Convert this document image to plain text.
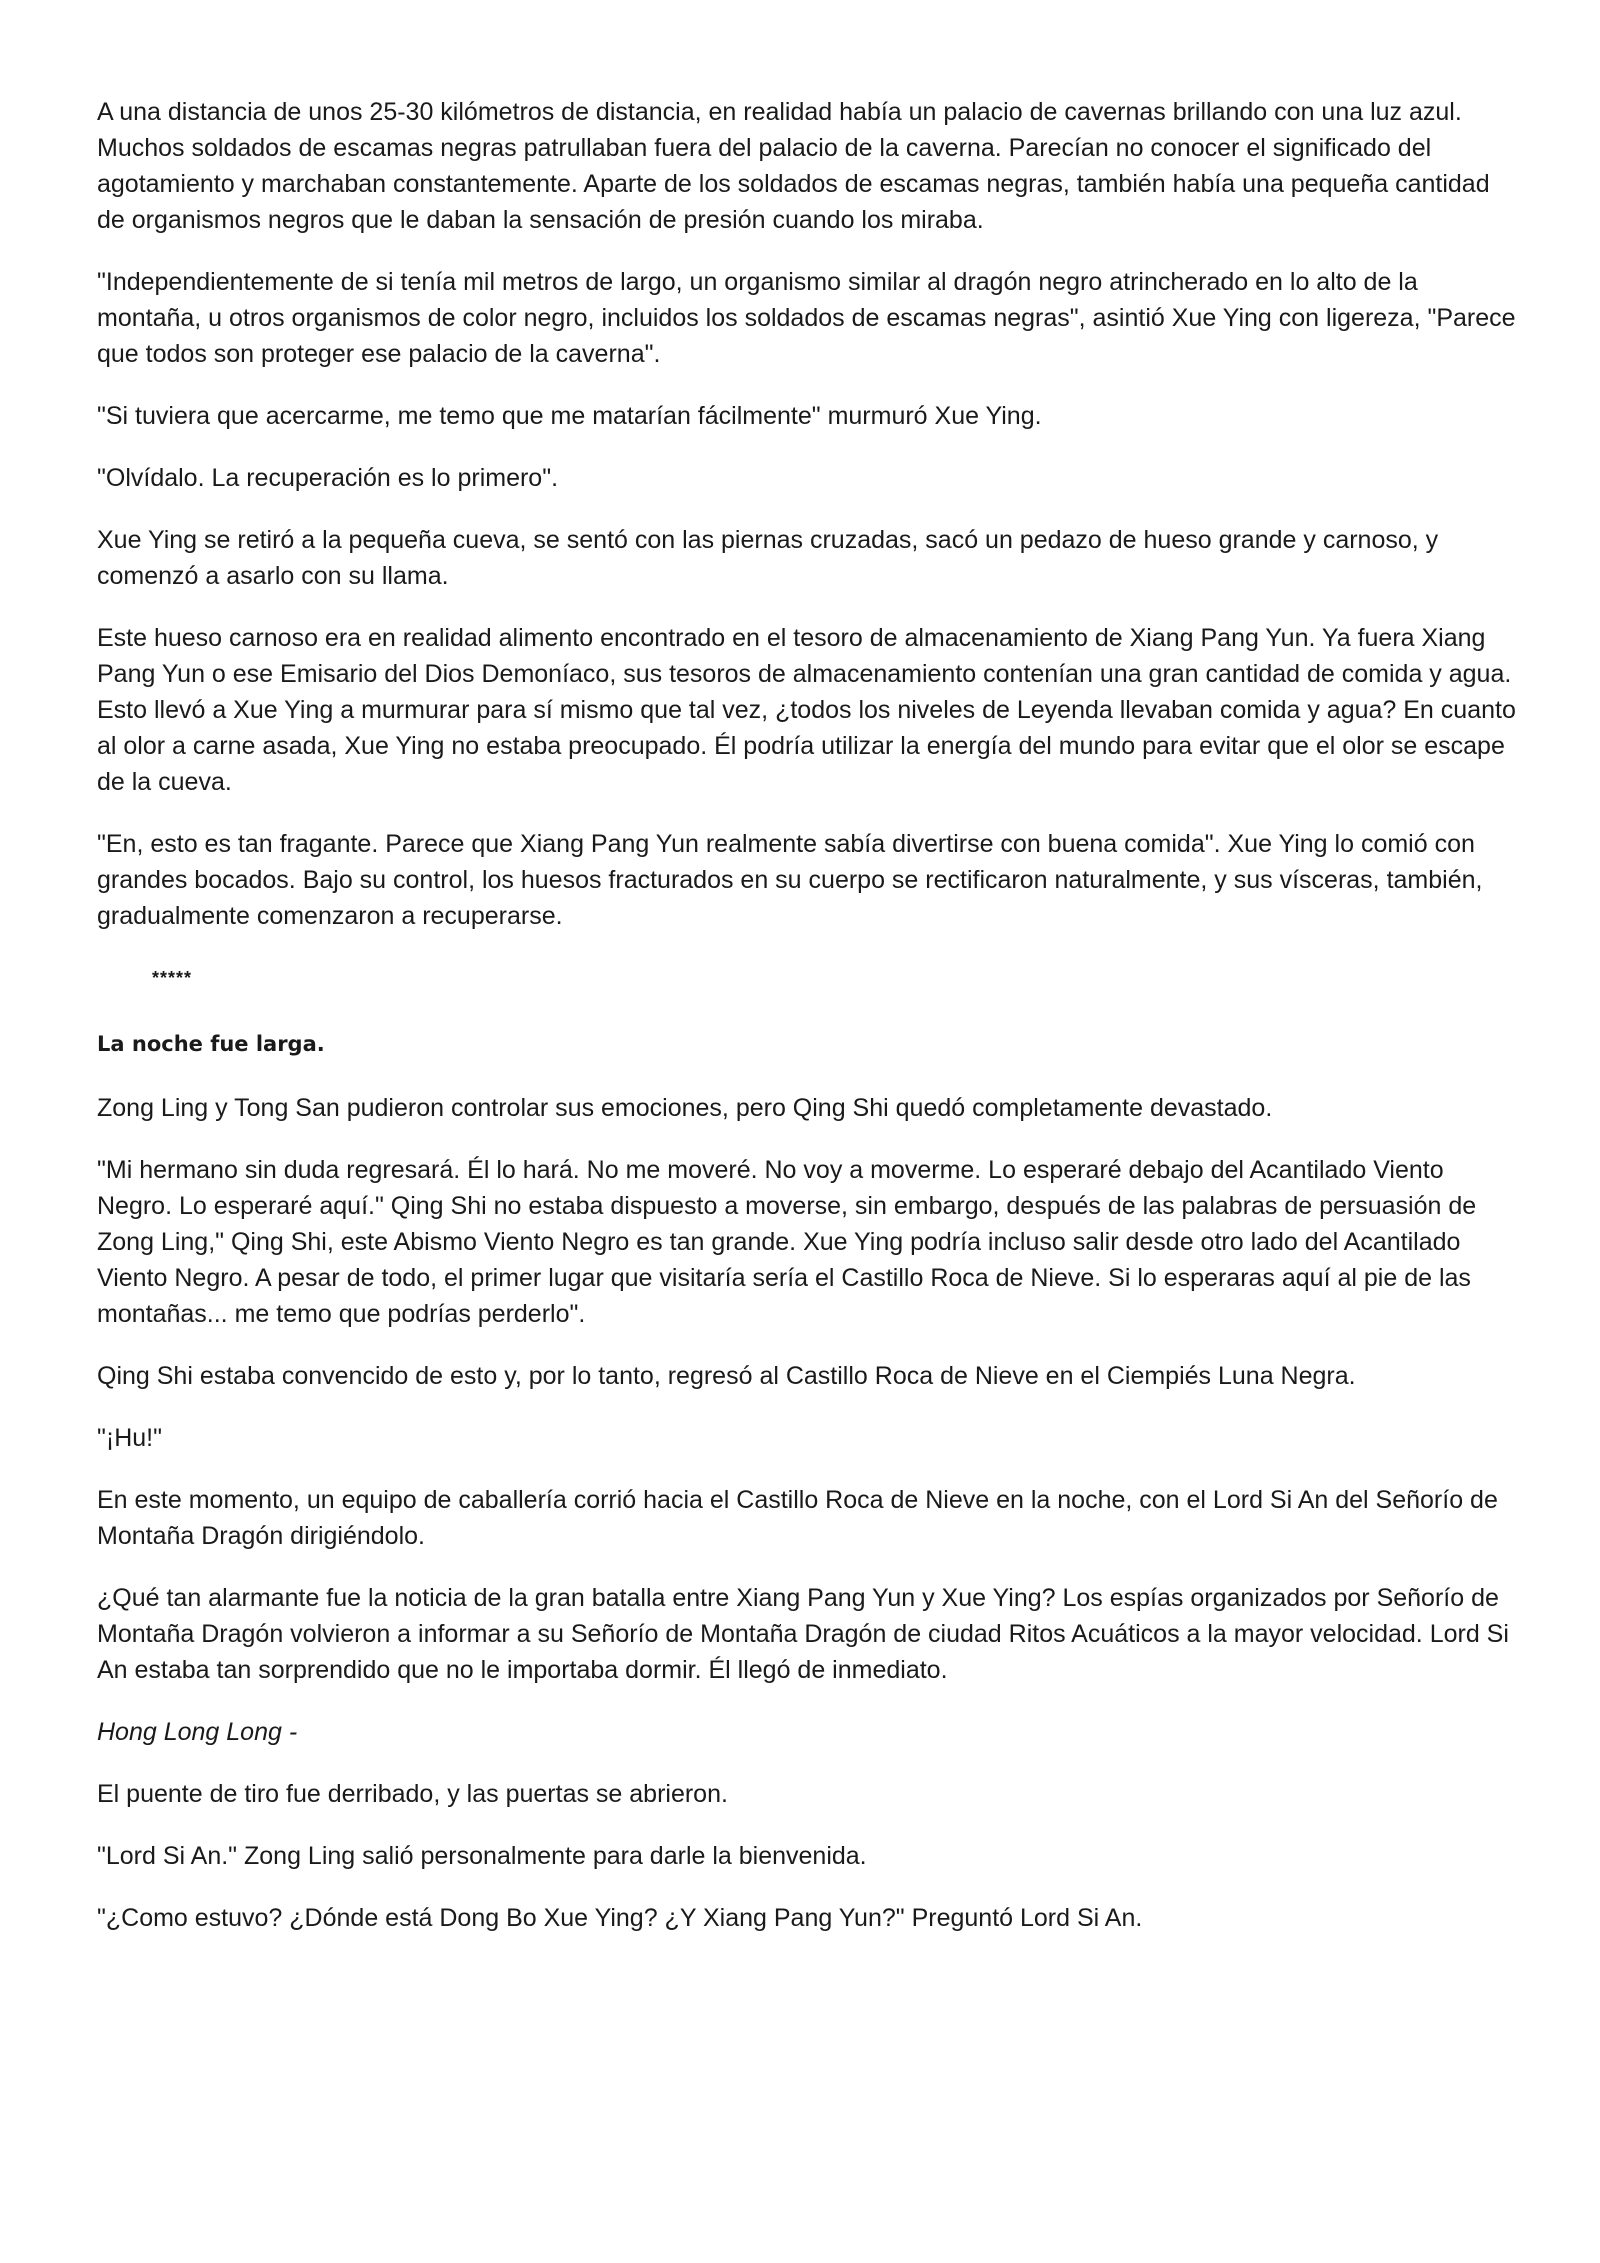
A una distancia de unos 25-30 kilómetros de distancia, en realidad había un palacio de cavernas brillando con una luz azul. Muchos soldados de escamas negras patrullaban fuera del palacio de la caverna. Parecían no conocer el significado del agotamiento y marchaban constantemente. Aparte de los soldados de escamas negras, también había una pequeña cantidad de organismos negros que le daban la sensación de presión cuando los miraba.

"Independientemente de si tenía mil metros de largo, un organismo similar al dragón negro atrincherado en lo alto de la montaña, u otros organismos de color negro, incluidos los soldados de escamas negras", asintió Xue Ying con ligereza, "Parece que todos son proteger ese palacio de la caverna".

"Si tuviera que acercarme, me temo que me matarían fácilmente" murmuró Xue Ying.

"Olvídalo. La recuperación es lo primero".

Xue Ying se retiró a la pequeña cueva, se sentó con las piernas cruzadas, sacó un pedazo de hueso grande y carnoso, y comenzó a asarlo con su llama.

Este hueso carnoso era en realidad alimento encontrado en el tesoro de almacenamiento de Xiang Pang Yun. Ya fuera Xiang Pang Yun o ese Emisario del Dios Demoníaco, sus tesoros de almacenamiento contenían una gran cantidad de comida y agua. Esto llevó a Xue Ying a murmurar para sí mismo que tal vez, ¿todos los niveles de Leyenda llevaban comida y agua? En cuanto al olor a carne asada, Xue Ying no estaba preocupado. Él podría utilizar la energía del mundo para evitar que el olor se escape de la cueva.

"En, esto es tan fragante. Parece que Xiang Pang Yun realmente sabía divertirse con buena comida". Xue Ying lo comió con grandes bocados. Bajo su control, los huesos fracturados en su cuerpo se rectificaron naturalmente, y sus vísceras, también, gradualmente comenzaron a recuperarse.

*****

La noche fue larga.

Zong Ling y Tong San pudieron controlar sus emociones, pero Qing Shi quedó completamente devastado.

"Mi hermano sin duda regresará. Él lo hará. No me moveré. No voy a moverme. Lo esperaré debajo del Acantilado Viento Negro. Lo esperaré aquí." Qing Shi no estaba dispuesto a moverse, sin embargo, después de las palabras de persuasión de Zong Ling," Qing Shi, este Abismo Viento Negro es tan grande. Xue Ying podría incluso salir desde otro lado del Acantilado Viento Negro. A pesar de todo, el primer lugar que visitaría sería el Castillo Roca de Nieve. Si lo esperaras aquí al pie de las montañas... me temo que podrías perderlo".

Qing Shi estaba convencido de esto y, por lo tanto, regresó al Castillo Roca de Nieve en el Ciempiés Luna Negra.

"¡Hu!"

En este momento, un equipo de caballería corrió hacia el Castillo Roca de Nieve en la noche, con el Lord Si An del Señorío de Montaña Dragón dirigiéndolo.

¿Qué tan alarmante fue la noticia de la gran batalla entre Xiang Pang Yun y Xue Ying? Los espías organizados por Señorío de Montaña Dragón volvieron a informar a su Señorío de Montaña Dragón de ciudad Ritos Acuáticos a la mayor velocidad. Lord Si An estaba tan sorprendido que no le importaba dormir. Él llegó de inmediato.

Hong Long Long -

El puente de tiro fue derribado, y las puertas se abrieron.

"Lord Si An." Zong Ling salió personalmente para darle la bienvenida.

"¿Como estuvo? ¿Dónde está Dong Bo Xue Ying? ¿Y Xiang Pang Yun?" Preguntó Lord Si An.
